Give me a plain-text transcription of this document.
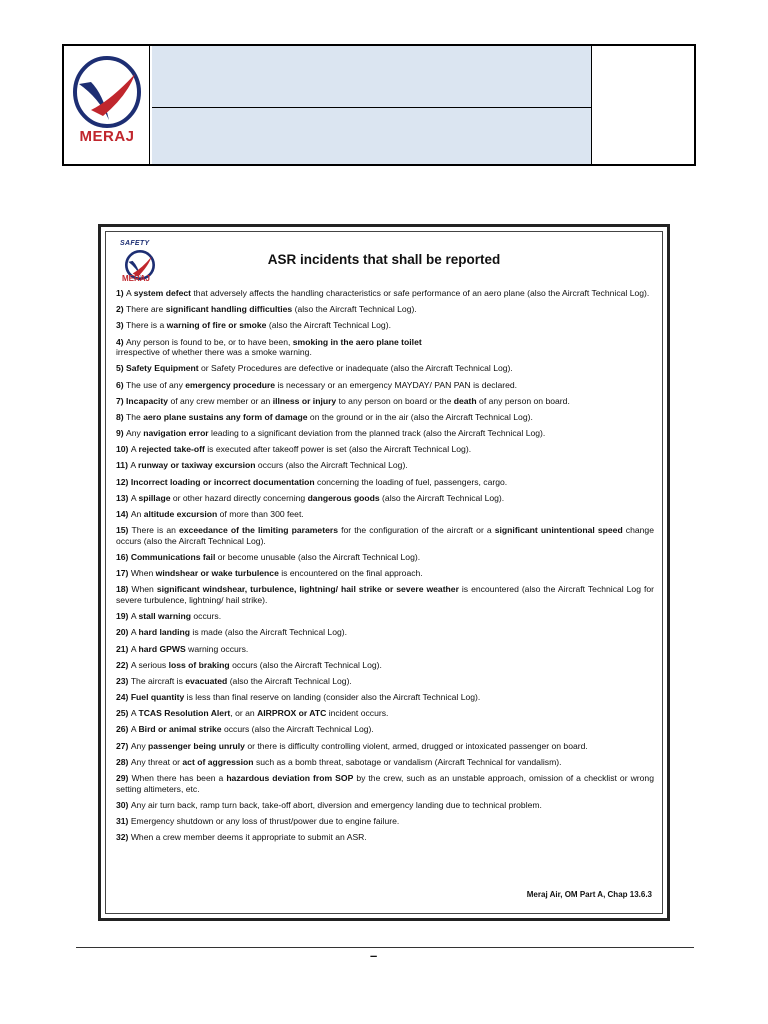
MERAJ
SAFETY
MERAJ
ASR incidents that shall be reported
1) A system defect that adversely affects the handling characteristics or safe performance of an aero plane (also the Aircraft Technical Log).
2) There are significant handling difficulties (also the Aircraft Technical Log).
3) There is a warning of fire or smoke (also the Aircraft Technical Log).
4) Any person is found to be, or to have been, smoking in the aero plane toilet
irrespective of whether there was a smoke warning.
5) Safety Equipment or Safety Procedures are defective or inadequate (also the Aircraft Technical Log).
6) The use of any emergency procedure is necessary or an emergency MAYDAY/ PAN PAN is declared.
7) Incapacity of any crew member or an illness or injury to any person on board or the death of any person on board.
8) The aero plane sustains any form of damage on the ground or in the air (also the Aircraft Technical Log).
9) Any navigation error leading to a significant deviation from the planned track (also the Aircraft Technical Log).
10) A rejected take-off is executed after takeoff power is set (also the Aircraft Technical Log).
11) A runway or taxiway excursion occurs (also the Aircraft Technical Log).
12) Incorrect loading or incorrect documentation concerning the loading of fuel, passengers, cargo.
13) A spillage or other hazard directly concerning dangerous goods (also the Aircraft Technical Log).
14) An altitude excursion of more than 300 feet.
15) There is an exceedance of the limiting parameters for the configuration of the aircraft or a significant unintentional speed change occurs (also the Aircraft Technical Log).
16) Communications fail or become unusable (also the Aircraft Technical Log).
17) When windshear or wake turbulence is encountered on the final approach.
18) When significant windshear, turbulence, lightning/ hail strike or severe weather is encountered (also the Aircraft Technical Log for severe turbulence, lightning/ hail strike).
19) A stall warning occurs.
20) A hard landing is made (also the Aircraft Technical Log).
21) A hard GPWS warning occurs.
22) A serious loss of braking occurs (also the Aircraft Technical Log).
23) The aircraft is evacuated (also the Aircraft Technical Log).
24) Fuel quantity is less than final reserve on landing (consider also the Aircraft Technical Log).
25) A TCAS Resolution Alert, or an AIRPROX or ATC incident occurs.
26) A Bird or animal strike occurs (also the Aircraft Technical Log).
27) Any passenger being unruly or there is difficulty controlling violent, armed, drugged or intoxicated passenger on board.
28) Any threat or act of aggression such as a bomb threat, sabotage or vandalism (Aircraft Technical for vandalism).
29) When there has been a hazardous deviation from SOP by the crew, such as an unstable approach, omission of a checklist or wrong setting altimeters, etc.
30) Any air turn back, ramp turn back, take-off abort, diversion and emergency landing due to technical problem.
31) Emergency shutdown or any loss of thrust/power due to engine failure.
32) When a crew member deems it appropriate to submit an ASR.
Meraj Air, OM Part A, Chap 13.6.3
–
